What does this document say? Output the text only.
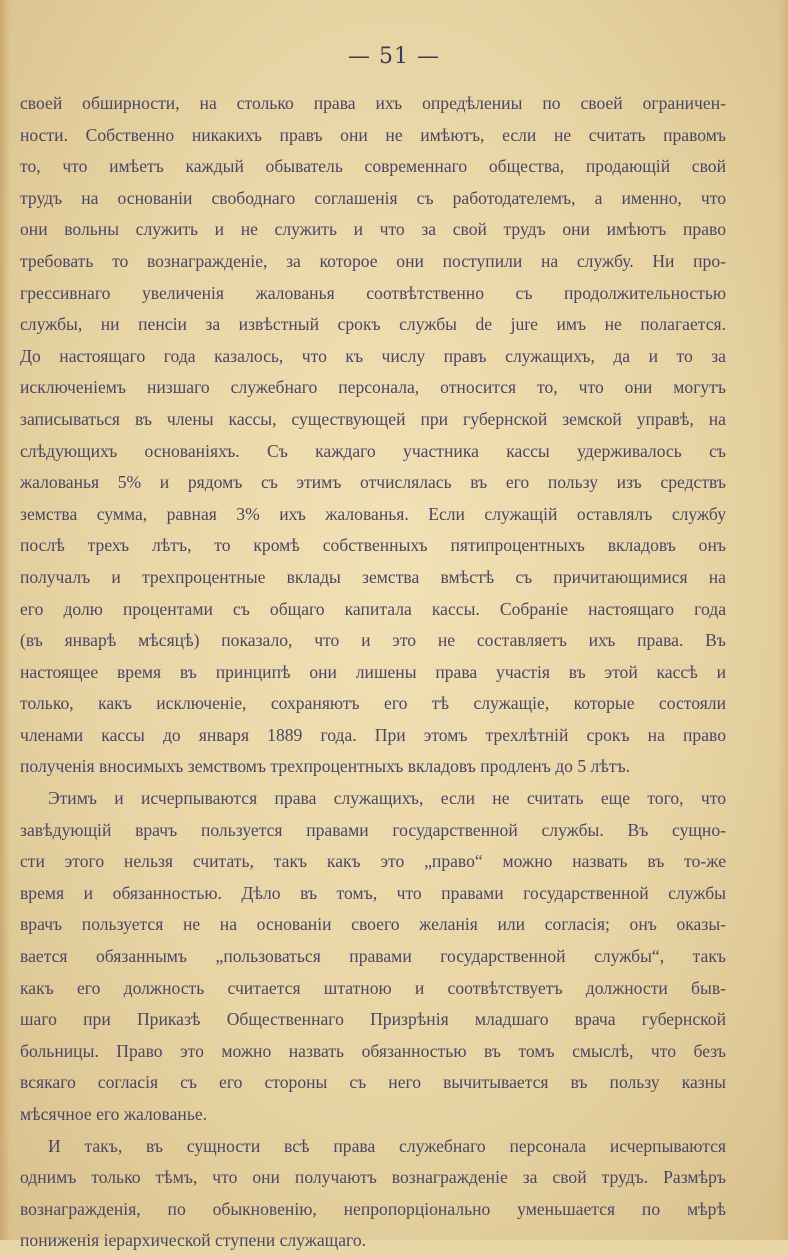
— 51 —
своей обширности, на столько права ихъ опредѣлениы по своей ограничен-
ности. Собственно никакихъ правъ они не имѣютъ, если не считать правомъ
то, что имѣетъ каждый обыватель современнаго общества, продающій свой
трудъ на основаніи свободнаго соглашенія съ работодателемъ, а именно, что
они вольны служить и не служить и что за свой трудъ они имѣютъ право
требовать то вознагражденіе, за которое они поступили на службу. Ни про-
грессивнаго увеличенія жалованья соотвѣтственно съ продолжительностью
службы, ни пенсіи за извѣстный срокъ службы de jure имъ не полагается.
До настоящаго года казалось, что къ числу правъ служащихъ, да и то за
исключеніемъ низшаго служебнаго персонала, относится то, что они могутъ
записываться въ члены кассы, существующей при губернской земской управѣ, на
слѣдующихъ основаніяхъ. Съ каждаго участника кассы удерживалось съ
жалованья 5% и рядомъ съ этимъ отчислялась въ его пользу изъ средствъ
земства сумма, равная 3% ихъ жалованья. Если служащій оставлялъ службу
послѣ трехъ лѣтъ, то кромѣ собственныхъ пятипроцентныхъ вкладовъ онъ
получалъ и трехпроцентные вклады земства вмѣстѣ съ причитающимися на
его долю процентами съ общаго капитала кассы. Собраніе настоящаго года
(въ январѣ мѣсяцѣ) показало, что и это не составляетъ ихъ права. Въ
настоящее время въ принципѣ они лишены права участія въ этой кассѣ и
только, какъ исключеніе, сохраняютъ его тѣ служащіе, которые состояли
членами кассы до января 1889 года. При этомъ трехлѣтній срокъ на право
полученія вносимыхъ земствомъ трехпроцентныхъ вкладовъ продленъ до 5 лѣтъ.
Этимъ и исчерпываются права служащихъ, если не считать еще того, что
завѣдующій врачъ пользуется правами государственной службы. Въ сущно-
сти этого нельзя считать, такъ какъ это „право“ можно назвать въ то-же
время и обязанностью. Дѣло въ томъ, что правами государственной службы
врачъ пользуется не на основаніи своего желанія или согласія; онъ оказы-
вается обязаннымъ „пользоваться правами государственной службы“, такъ
какъ его должность считается штатною и соотвѣтствуетъ должности быв-
шаго при Приказѣ Общественнаго Призрѣнія младшаго врача губернской
больницы. Право это можно назвать обязанностью въ томъ смыслѣ, что безъ
всякаго согласія съ его стороны съ него вычитывается въ пользу казны
мѣсячное его жалованье.
И такъ, въ сущности всѣ права служебнаго персонала исчерпываются
однимъ только тѣмъ, что они получаютъ вознагражденіе за свой трудъ. Размѣръ
вознагражденія, по обыкновенію, непропорціонально уменьшается по мѣрѣ
пониженія іерархической ступени служащаго.
